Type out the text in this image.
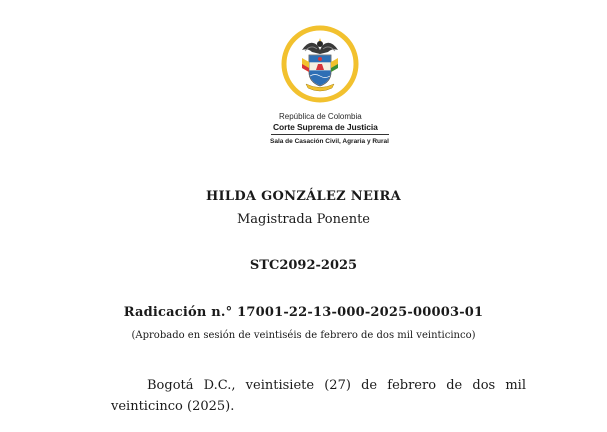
República de Colombia
Corte Suprema de Justicia
Sala de Casación Civil, Agraria y Rural
HILDA GONZÁLEZ NEIRA
Magistrada Ponente
STC2092-2025
Radicación n.° 17001-22-13-000-2025-00003-01
(Aprobado en sesión de veintiséis de febrero de dos mil veinticinco)
Bogotá D.C., veintisiete (27) de febrero de dos mil
veinticinco (2025).
